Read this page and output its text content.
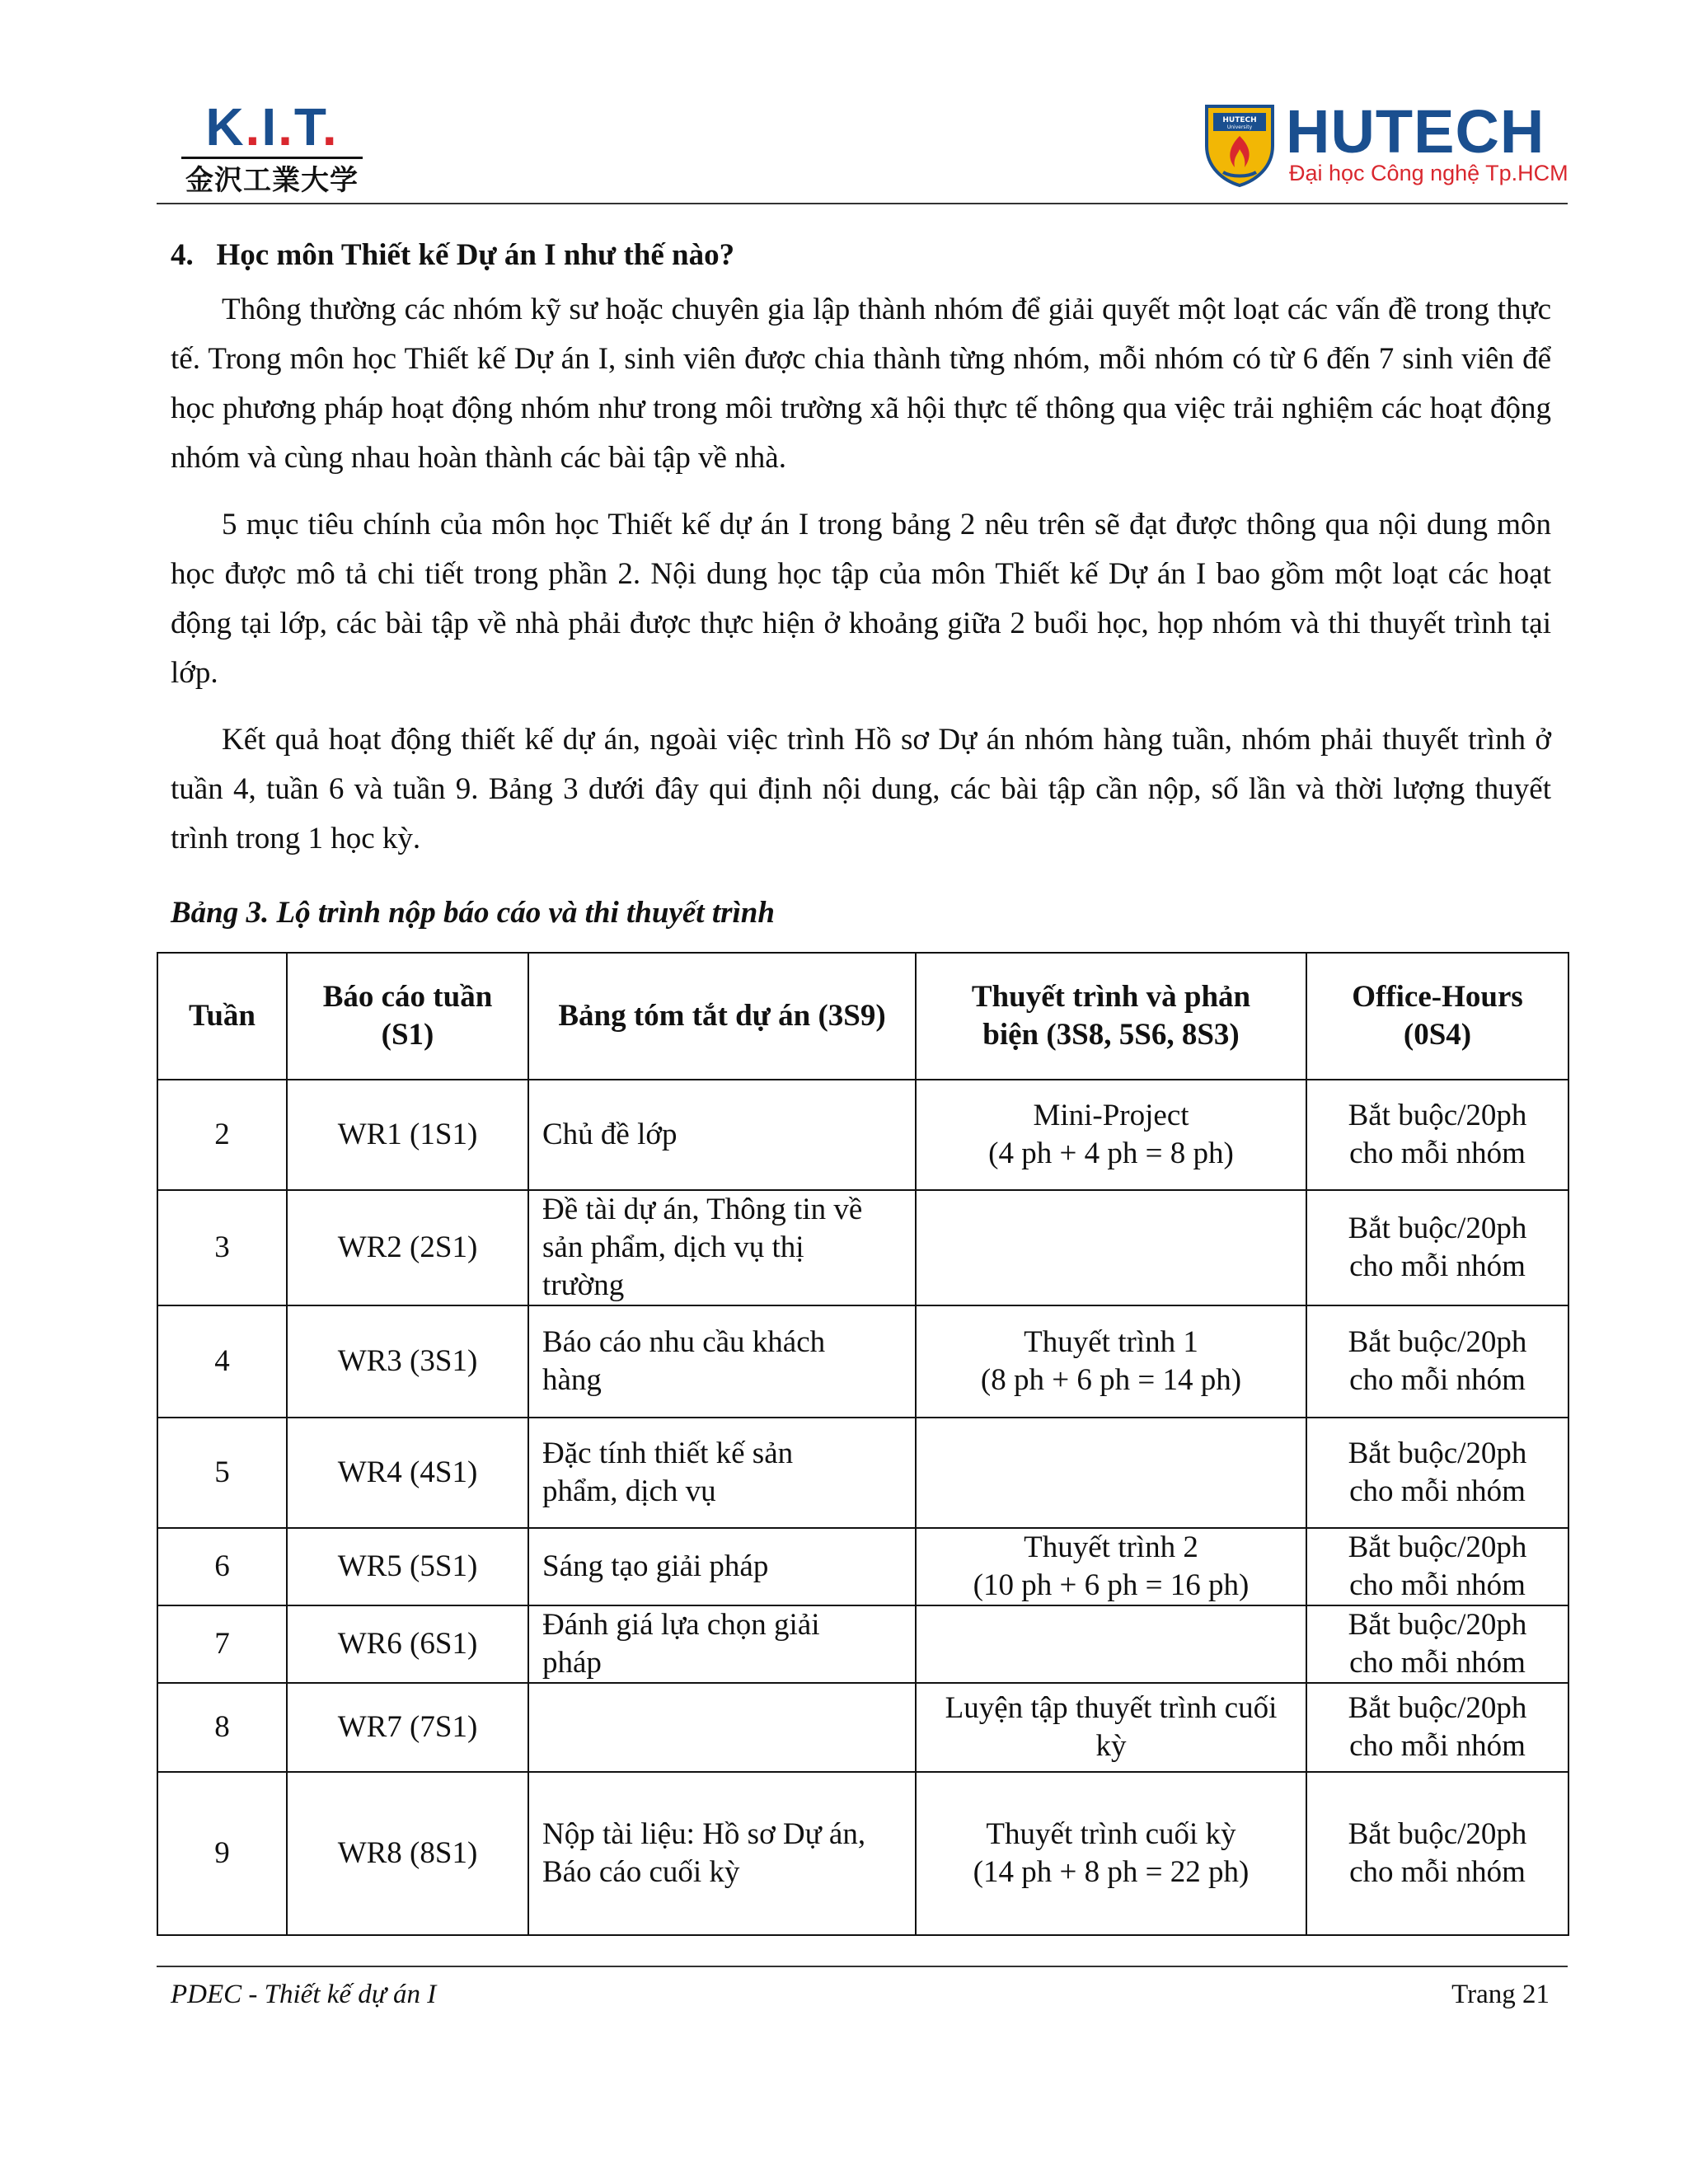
K.I.T.
金沢工業大学
HUTECH
University HUTECH
Đại học Công nghệ Tp.HCM
4.   Học môn Thiết kế Dự án I như thế nào?

Thông thường các nhóm kỹ sư hoặc chuyên gia lập thành nhóm để giải quyết một loạt các vấn đề trong thực tế. Trong môn học Thiết kế Dự án I, sinh viên được chia thành từng nhóm, mỗi nhóm có từ 6 đến 7 sinh viên để học phương pháp hoạt động nhóm như trong môi trường xã hội thực tế thông qua việc trải nghiệm các hoạt động nhóm và cùng nhau hoàn thành các bài tập về nhà.

5 mục tiêu chính của môn học Thiết kế dự án I trong bảng 2 nêu trên sẽ đạt được thông qua nội dung môn học được mô tả chi tiết trong phần 2. Nội dung học tập của môn Thiết kế Dự án I bao gồm một loạt các hoạt động tại lớp, các bài tập về nhà phải được thực hiện ở khoảng giữa 2 buổi học, họp nhóm và thi thuyết trình tại lớp.

Kết quả hoạt động thiết kế dự án, ngoài việc trình Hồ sơ Dự án nhóm hàng tuần, nhóm phải thuyết trình ở tuần 4, tuần 6 và tuần 9. Bảng 3 dưới đây qui định nội dung, các bài tập cần nộp, số lần và thời lượng thuyết trình trong 1 học kỳ.

Bảng 3. Lộ trình nộp báo cáo và thi thuyết trình
Tuần	Báo cáo tuần
(S1)	Bảng tóm tắt dự án (3S9)	Thuyết trình và phản
biện (3S8, 5S6, 8S3)	Office-Hours
(0S4)
2	WR1 (1S1)	Chủ đề lớp	Mini-Project
(4 ph + 4 ph = 8 ph)	Bắt buộc/20ph
cho mỗi nhóm
3	WR2 (2S1)	Đề tài dự án, Thông tin về
sản phẩm, dịch vụ thị
trường		Bắt buộc/20ph
cho mỗi nhóm
4	WR3 (3S1)	Báo cáo nhu cầu khách
hàng	Thuyết trình 1
(8 ph + 6 ph = 14 ph)	Bắt buộc/20ph
cho mỗi nhóm
5	WR4 (4S1)	Đặc tính thiết kế sản
phẩm, dịch vụ		Bắt buộc/20ph
cho mỗi nhóm
6	WR5 (5S1)	Sáng tạo giải pháp	Thuyết trình 2
(10 ph + 6 ph = 16 ph)	Bắt buộc/20ph
cho mỗi nhóm
7	WR6 (6S1)	Đánh giá lựa chọn giải
pháp		Bắt buộc/20ph
cho mỗi nhóm
8	WR7 (7S1)		Luyện tập thuyết trình cuối
kỳ	Bắt buộc/20ph
cho mỗi nhóm
9	WR8 (8S1)	Nộp tài liệu: Hồ sơ Dự án,
Báo cáo cuối kỳ	Thuyết trình cuối kỳ
(14 ph + 8 ph = 22 ph)	Bắt buộc/20ph
cho mỗi nhóm
PDEC - Thiết kế dự án I	Trang 21
